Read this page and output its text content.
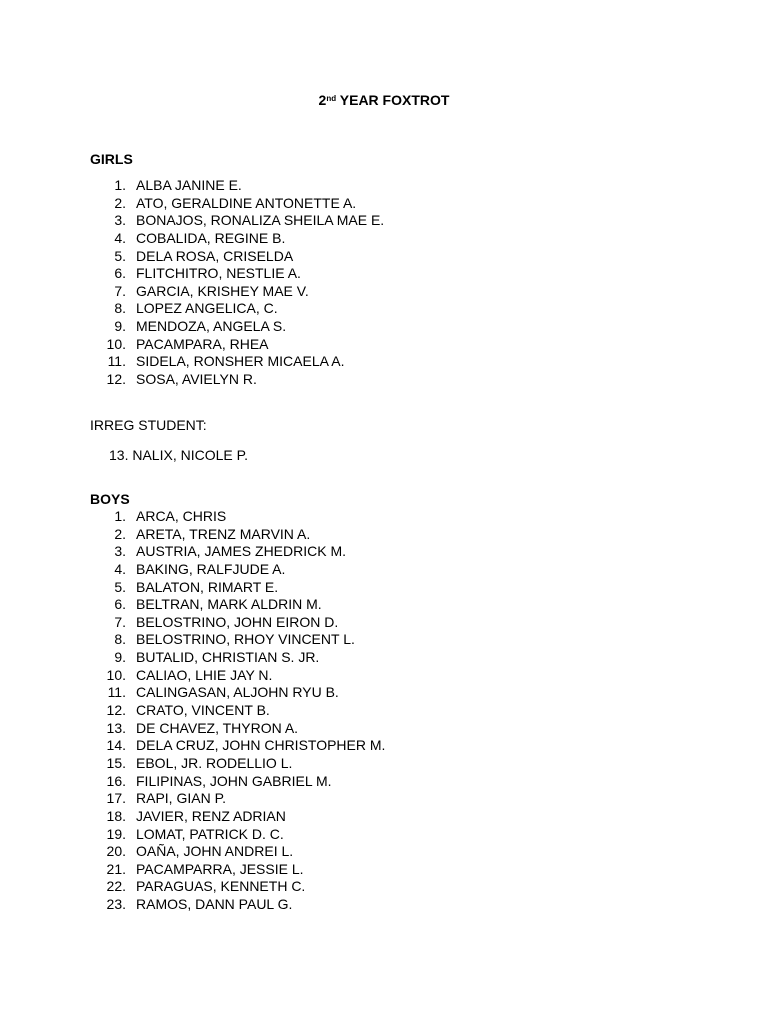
2nd YEAR FOXTROT
GIRLS
1. ALBA JANINE E.
2. ATO, GERALDINE ANTONETTE A.
3. BONAJOS, RONALIZA SHEILA MAE E.
4. COBALIDA, REGINE B.
5. DELA ROSA, CRISELDA
6. FLITCHITRO, NESTLIE A.
7. GARCIA, KRISHEY MAE V.
8. LOPEZ ANGELICA, C.
9. MENDOZA, ANGELA S.
10. PACAMPARA, RHEA
11. SIDELA, RONSHER MICAELA A.
12. SOSA, AVIELYN R.
IRREG STUDENT:
13. NALIX, NICOLE P.
BOYS
1. ARCA, CHRIS
2. ARETA, TRENZ MARVIN A.
3. AUSTRIA, JAMES ZHEDRICK M.
4. BAKING, RALFJUDE A.
5. BALATON, RIMART E.
6. BELTRAN, MARK ALDRIN M.
7. BELOSTRINO, JOHN EIRON D.
8. BELOSTRINO, RHOY VINCENT L.
9. BUTALID, CHRISTIAN S. JR.
10. CALIAO, LHIE JAY N.
11. CALINGASAN, ALJOHN RYU B.
12. CRATO, VINCENT B.
13. DE CHAVEZ, THYRON A.
14. DELA CRUZ, JOHN CHRISTOPHER M.
15. EBOL, JR. RODELLIO L.
16. FILIPINAS, JOHN GABRIEL M.
17. RAPI, GIAN P.
18. JAVIER, RENZ ADRIAN
19. LOMAT, PATRICK D. C.
20. OAÑA, JOHN ANDREI L.
21. PACAMPARRA, JESSIE L.
22. PARAGUAS, KENNETH C.
23. RAMOS, DANN PAUL G.
